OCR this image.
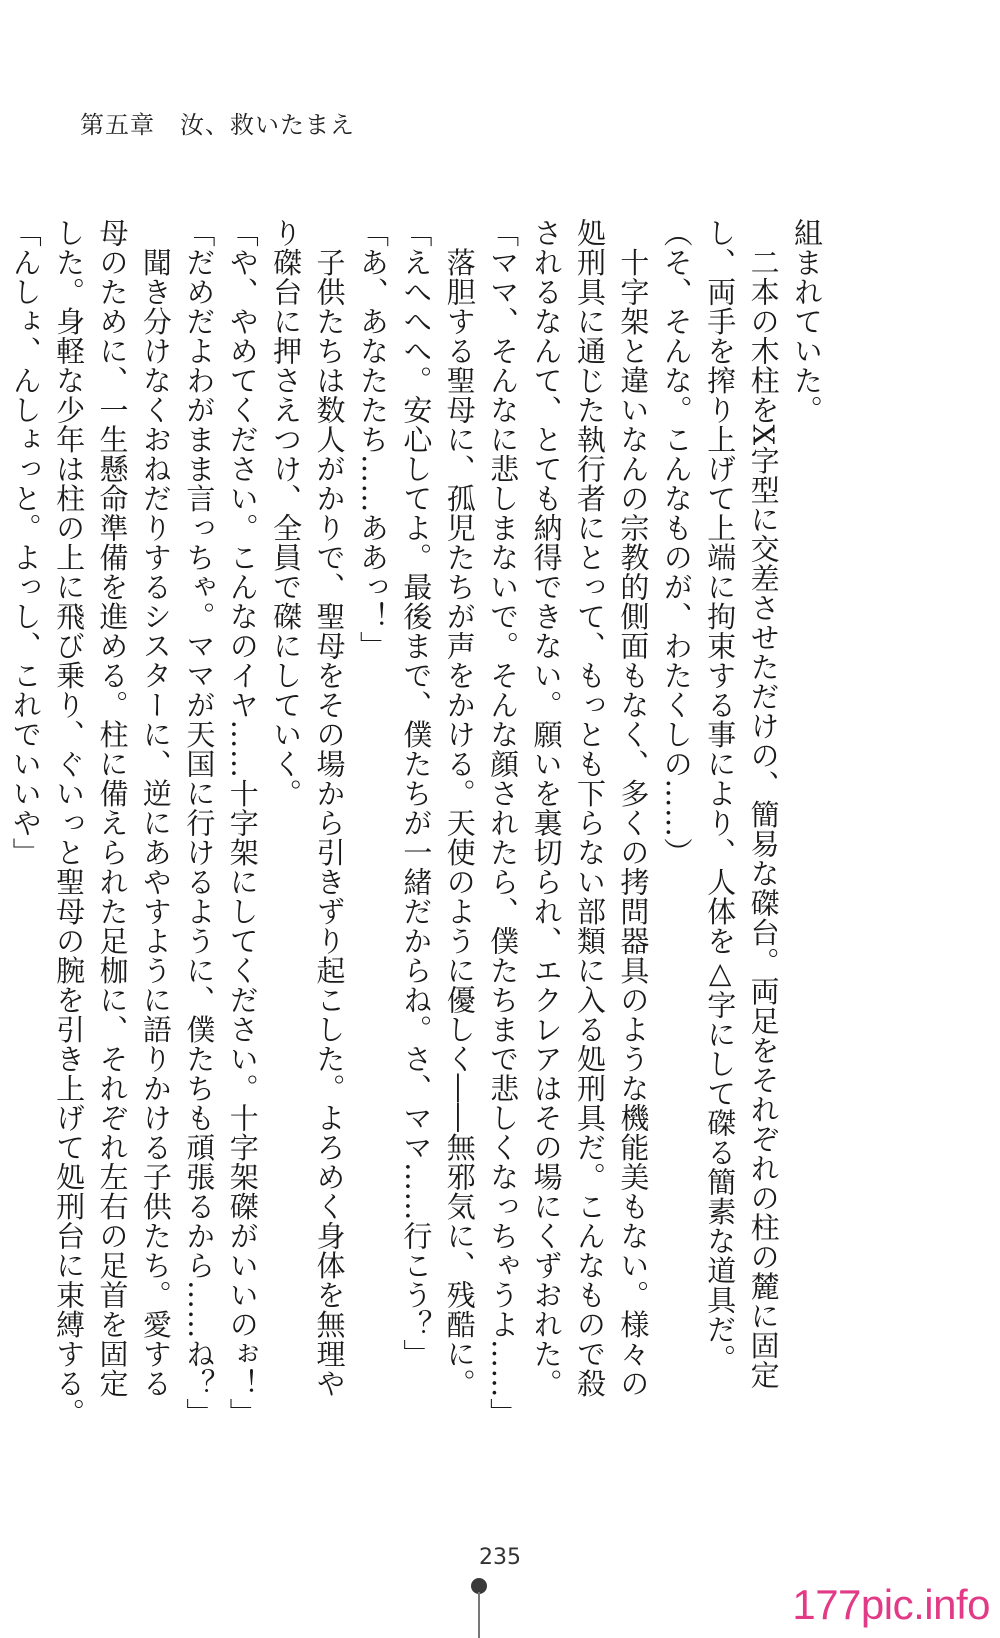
第五章　汝、救いたまえ
組まれていた。
　二本の木柱をX字型に交差させただけの、簡易な磔台。両足をそれぞれの柱の麓に固定
し、両手を搾り上げて上端に拘束する事により、人体を△字にして磔る簡素な道具だ。
（そ、そんな。こんなものが、わたくしの……）
　十字架と違いなんの宗教的側面もなく、多くの拷問器具のような機能美もない。様々の
処刑具に通じた執行者にとって、もっとも下らない部類に入る処刑具だ。こんなもので殺
されるなんて、とても納得できない。願いを裏切られ、エクレアはその場にくずおれた。
「ママ、そんなに悲しまないで。そんな顔されたら、僕たちまで悲しくなっちゃうよ……」
　落胆する聖母に、孤児たちが声をかける。天使のように優しく――無邪気に、残酷に。
「えへへへ。安心してよ。最後まで、僕たちが一緒だからね。さ、ママ……行こう？」
「あ、あなたたち……ああっ！」
　子供たちは数人がかりで、聖母をその場から引きずり起こした。よろめく身体を無理や
り磔台に押さえつけ、全員で磔にしていく。
「や、やめてください。こんなのイヤ……十字架にしてください。十字架磔がいいのぉ！」
「だめだよわがまま言っちゃ。ママが天国に行けるように、僕たちも頑張るから……ね？」
　聞き分けなくおねだりするシスターに、逆にあやすように語りかける子供たち。愛する
母のために、一生懸命準備を進める。柱に備えられた足枷に、それぞれ左右の足首を固定
した。身軽な少年は柱の上に飛び乗り、ぐいっと聖母の腕を引き上げて処刑台に束縛する。
「んしょ、んしょっと。よっし、これでいいや」
235
177pic.info
